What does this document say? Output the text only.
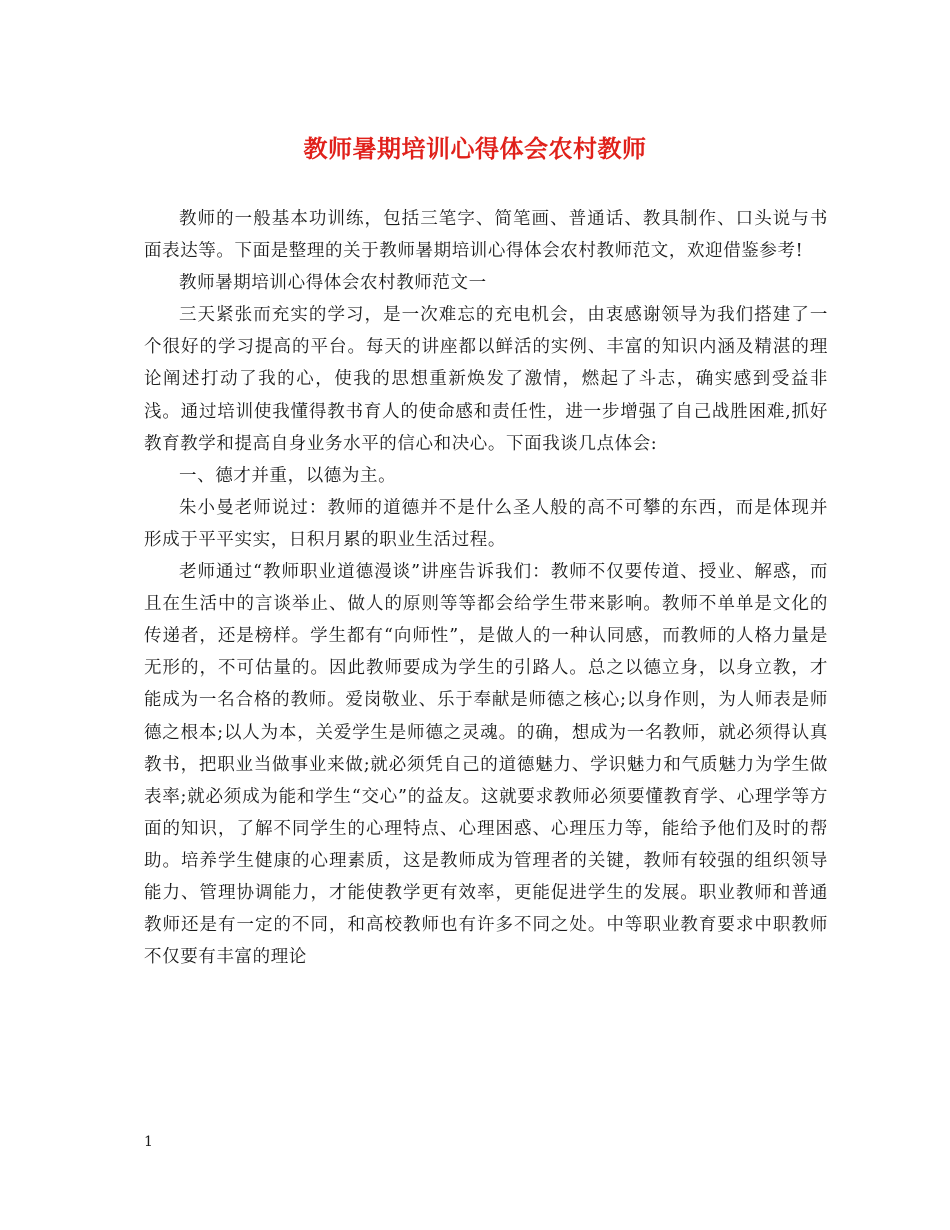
教师暑期培训心得体会农村教师

教师的一般基本功训练，包括三笔字、简笔画、普通话、教具制作、口头说与书面表达等。下面是整理的关于教师暑期培训心得体会农村教师范文，欢迎借鉴参考!

教师暑期培训心得体会农村教师范文一

三天紧张而充实的学习，是一次难忘的充电机会，由衷感谢领导为我们搭建了一个很好的学习提高的平台。每天的讲座都以鲜活的实例、丰富的知识内涵及精湛的理论阐述打动了我的心，使我的思想重新焕发了激情，燃起了斗志，确实感到受益非浅。通过培训使我懂得教书育人的使命感和责任性，进一步增强了自己战胜困难,抓好教育教学和提高自身业务水平的信心和决心。下面我谈几点体会:

一、德才并重，以德为主。

朱小曼老师说过：教师的道德并不是什么圣人般的高不可攀的东西，而是体现并形成于平平实实，日积月累的职业生活过程。

老师通过“教师职业道德漫谈”讲座告诉我们：教师不仅要传道、授业、解惑，而且在生活中的言谈举止、做人的原则等等都会给学生带来影响。教师不单单是文化的传递者，还是榜样。学生都有“向师性”，是做人的一种认同感，而教师的人格力量是无形的，不可估量的。因此教师要成为学生的引路人。总之以德立身，以身立教，才能成为一名合格的教师。爱岗敬业、乐于奉献是师德之核心;以身作则，为人师表是师德之根本;以人为本，关爱学生是师德之灵魂。的确，想成为一名教师，就必须得认真教书，把职业当做事业来做;就必须凭自己的道德魅力、学识魅力和气质魅力为学生做表率;就必须成为能和学生“交心”的益友。这就要求教师必须要懂教育学、心理学等方面的知识，了解不同学生的心理特点、心理困惑、心理压力等，能给予他们及时的帮助。培养学生健康的心理素质，这是教师成为管理者的关键，教师有较强的组织领导能力、管理协调能力，才能使教学更有效率，更能促进学生的发展。职业教师和普通教师还是有一定的不同，和高校教师也有许多不同之处。中等职业教育要求中职教师不仅要有丰富的理论

1
